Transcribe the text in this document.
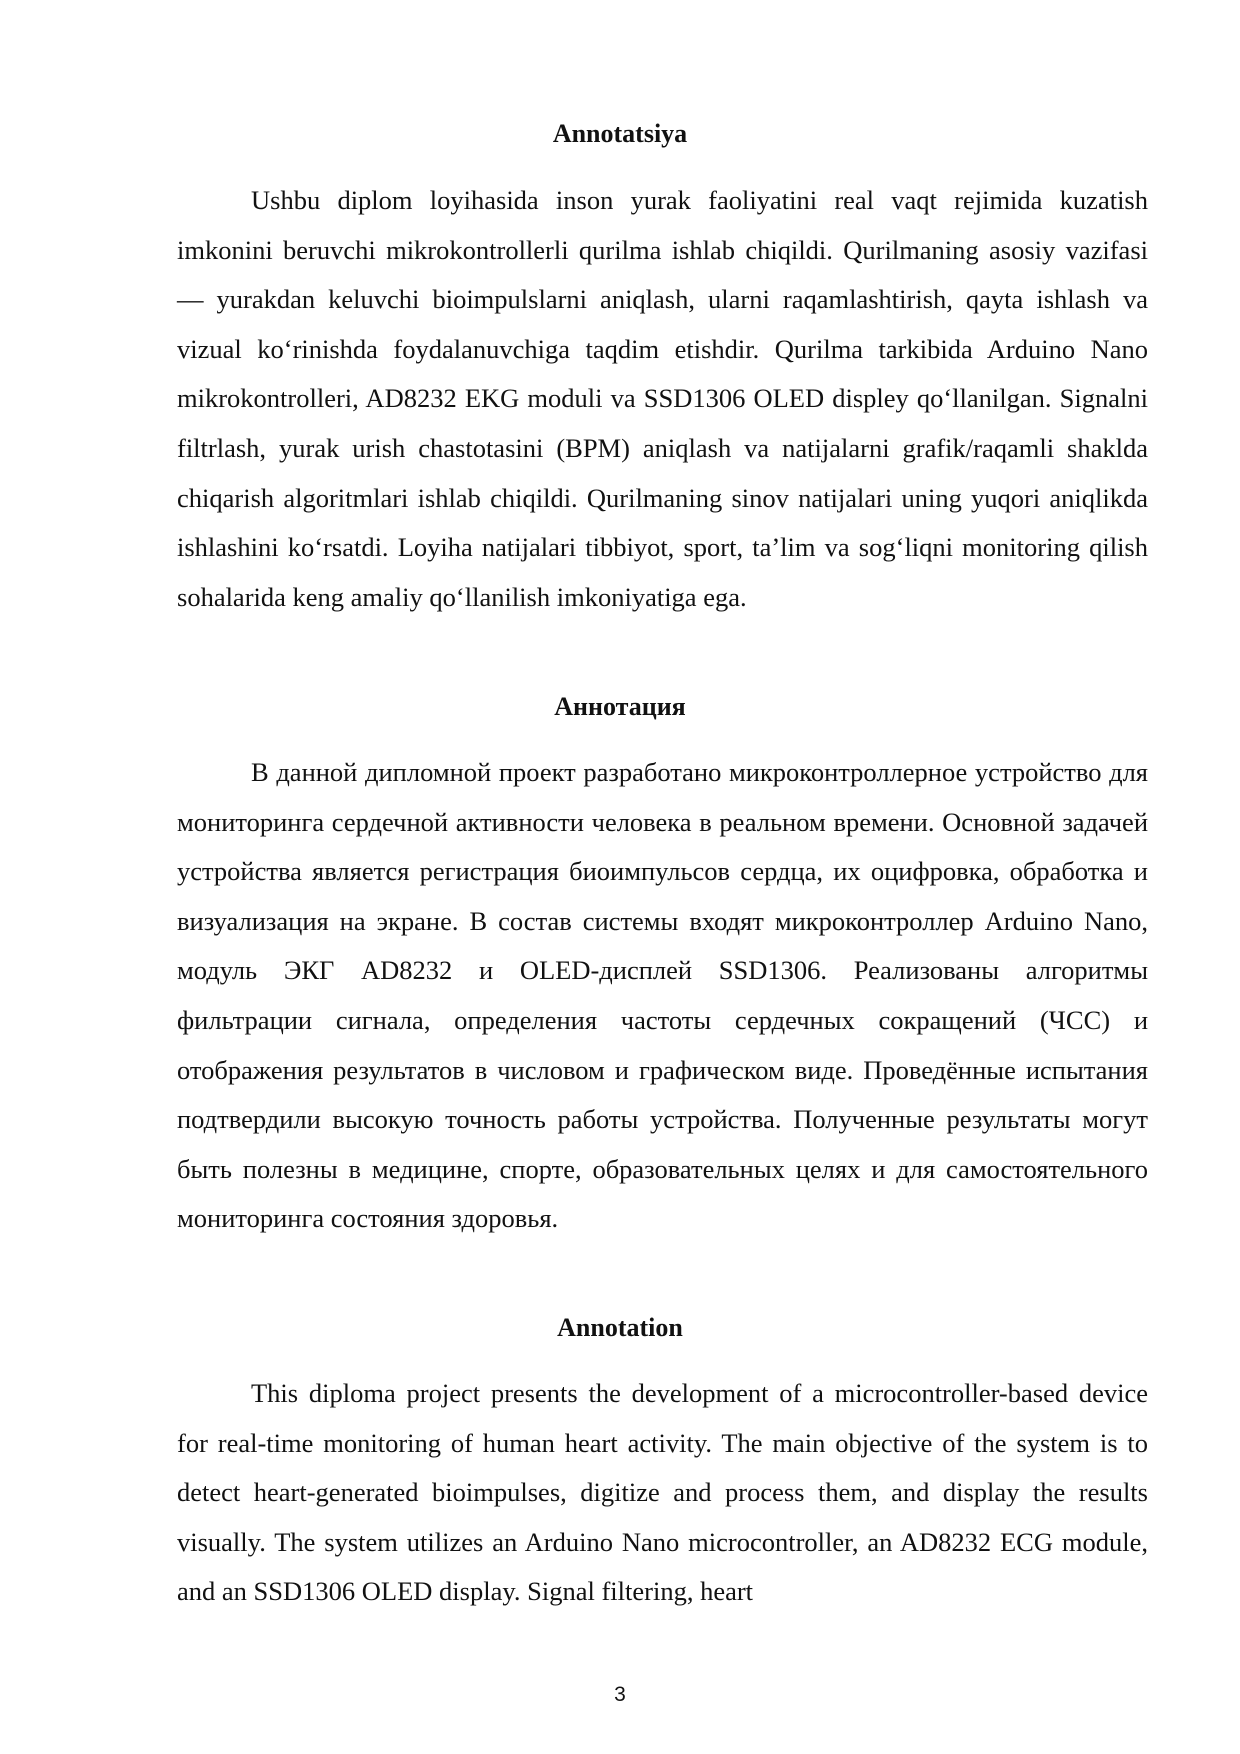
Annotatsiya

Ushbu diplom loyihasida inson yurak faoliyatini real vaqt rejimida kuzatish imkonini beruvchi mikrokontrollerli qurilma ishlab chiqildi. Qurilmaning asosiy vazifasi — yurakdan keluvchi bioimpulslarni aniqlash, ularni raqamlashtirish, qayta ishlash va vizual ko‘rinishda foydalanuvchiga taqdim etishdir. Qurilma tarkibida Arduino Nano mikrokontrolleri, AD8232 EKG moduli va SSD1306 OLED displey qo‘llanilgan. Signalni filtrlash, yurak urish chastotasini (BPM) aniqlash va natijalarni grafik/raqamli shaklda chiqarish algoritmlari ishlab chiqildi. Qurilmaning sinov natijalari uning yuqori aniqlikda ishlashini ko‘rsatdi. Loyiha natijalari tibbiyot, sport, ta’lim va sog‘liqni monitoring qilish sohalarida keng amaliy qo‘llanilish imkoniyatiga ega.

Аннотация

В данной дипломной проект разработано микроконтроллерное устройство для мониторинга сердечной активности человека в реальном времени. Основной задачей устройства является регистрация биоимпульсов сердца, их оцифровка, обработка и визуализация на экране. В состав системы входят микроконтроллер Arduino Nano, модуль ЭКГ AD8232 и OLED-дисплей SSD1306. Реализованы алгоритмы фильтрации сигнала, определения частоты сердечных сокращений (ЧСС) и отображения результатов в числовом и графическом виде. Проведённые испытания подтвердили высокую точность работы устройства. Полученные результаты могут быть полезны в медицине, спорте, образовательных целях и для самостоятельного мониторинга состояния здоровья.

Annotation

This diploma project presents the development of a microcontroller-based device for real-time monitoring of human heart activity. The main objective of the system is to detect heart-generated bioimpulses, digitize and process them, and display the results visually. The system utilizes an Arduino Nano microcontroller, an AD8232 ECG module, and an SSD1306 OLED display. Signal filtering, heart

3
